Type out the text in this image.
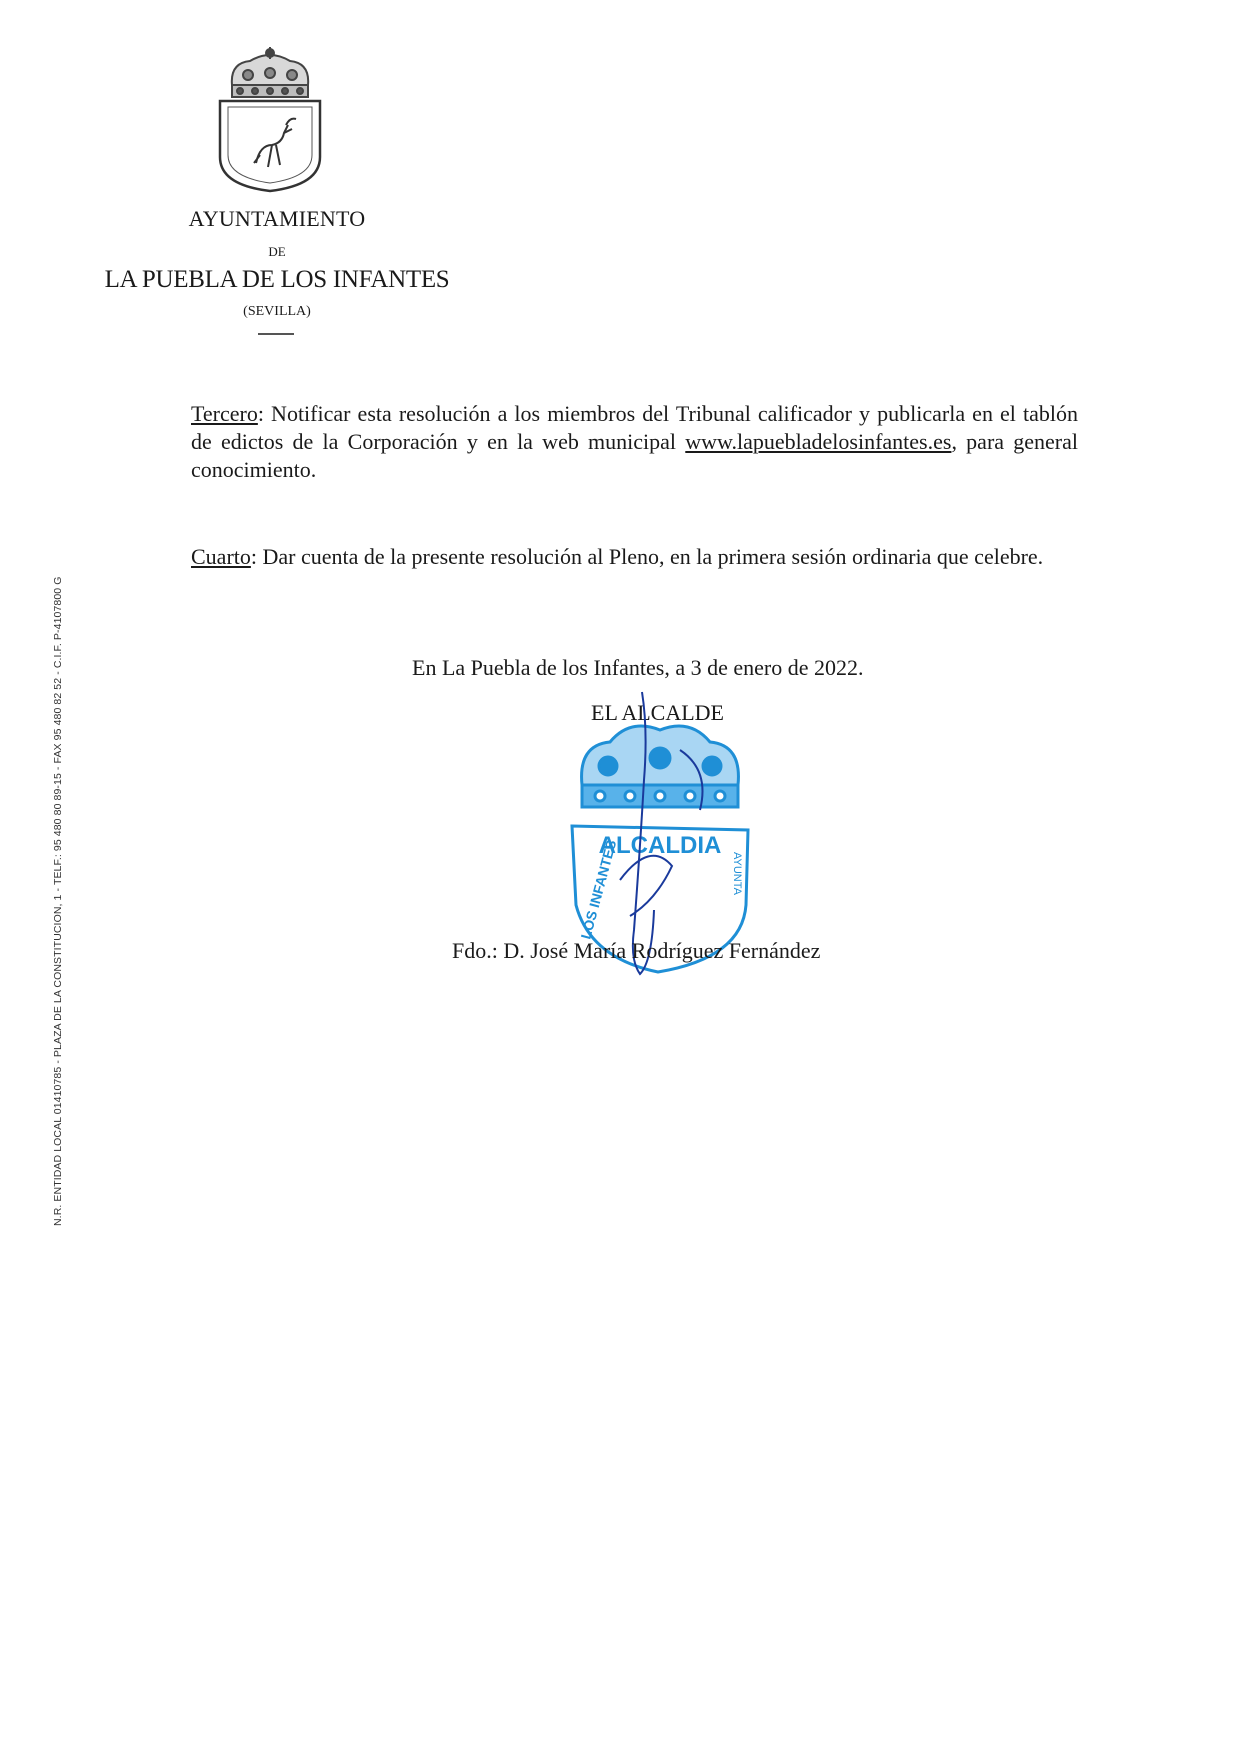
AYUNTAMIENTO
DE
LA PUEBLA DE LOS INFANTES
(SEVILLA)
N.R. ENTIDAD LOCAL 01410785 - PLAZA DE LA CONSTITUCION, 1 - TELF.: 95 480 80 89-15 - FAX 95 480 82 52 - C.I.F. P-4107800 G
Tercero: Notificar esta resolución a los miembros del Tribunal calificador y publicarla en el tablón de edictos de la Corporación y en la web municipal www.lapuebladelosinfantes.es, para general conocimiento.
Cuarto: Dar cuenta de la presente resolución al Pleno, en la primera sesión ordinaria que celebre.
En La Puebla de los Infantes, a 3 de enero de 2022.
EL ALCALDE
ALCALDIA
LOS INFANTES	AYUNTA
Fdo.: D. José María Rodríguez Fernández
